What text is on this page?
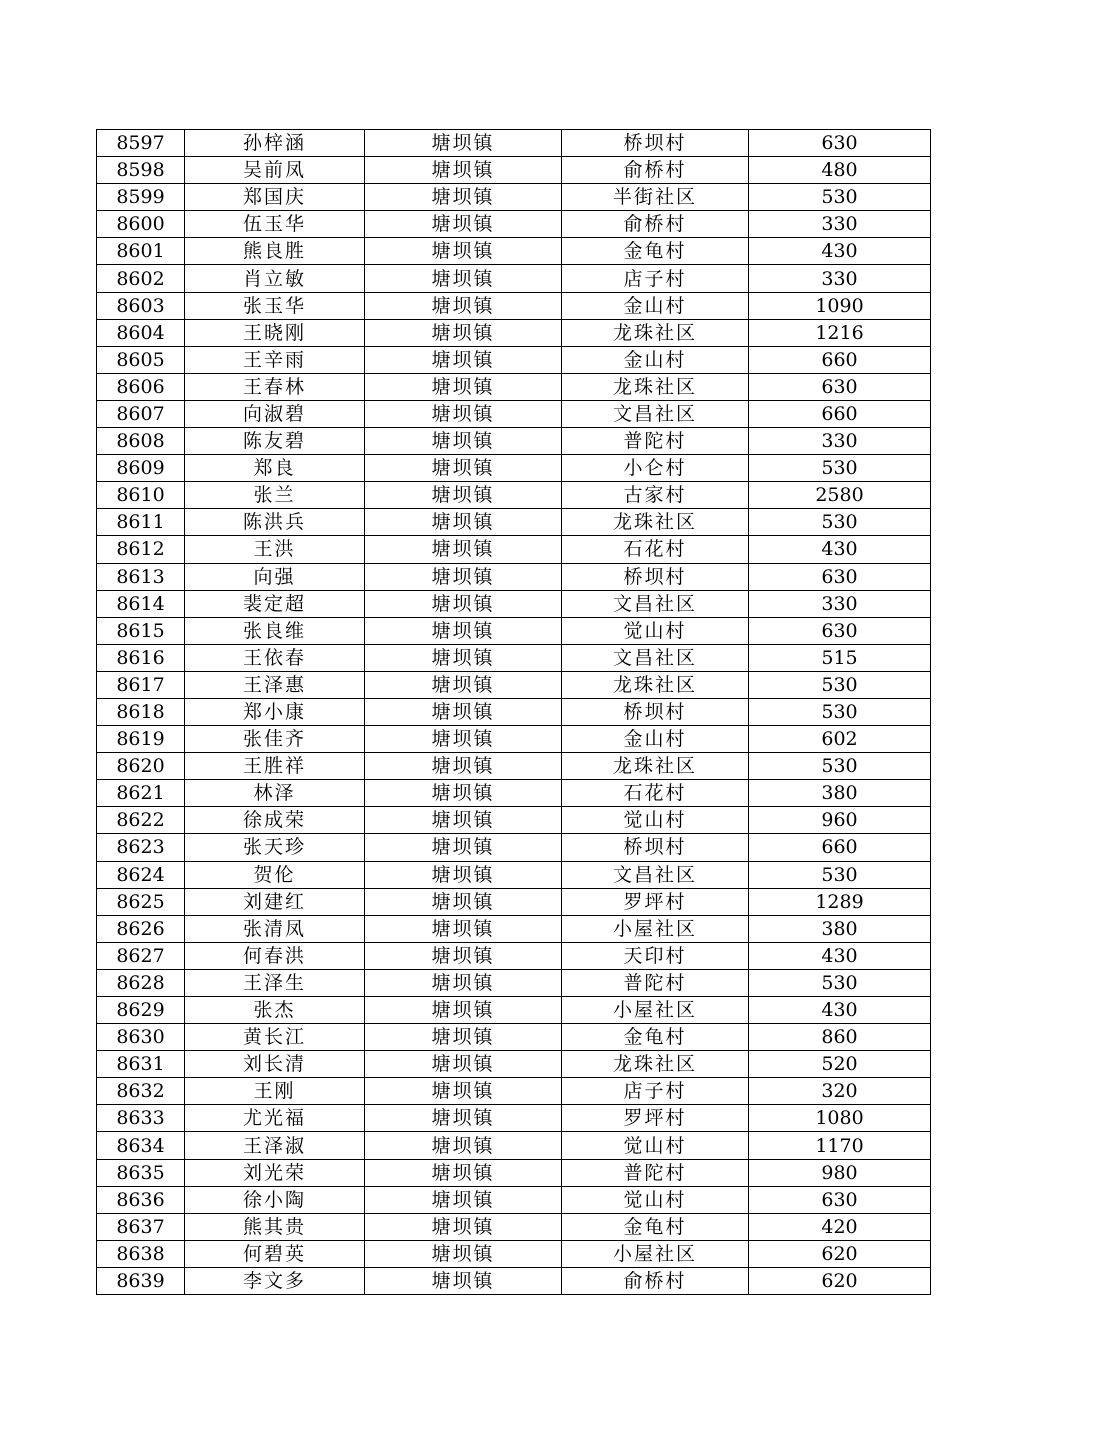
8597	孙梓涵	塘坝镇	桥坝村	630
8598	吴前凤	塘坝镇	俞桥村	480
8599	郑国庆	塘坝镇	半街社区	530
8600	伍玉华	塘坝镇	俞桥村	330
8601	熊良胜	塘坝镇	金龟村	430
8602	肖立敏	塘坝镇	店子村	330
8603	张玉华	塘坝镇	金山村	1090
8604	王晓刚	塘坝镇	龙珠社区	1216
8605	王辛雨	塘坝镇	金山村	660
8606	王春林	塘坝镇	龙珠社区	630
8607	向淑碧	塘坝镇	文昌社区	660
8608	陈友碧	塘坝镇	普陀村	330
8609	郑良	塘坝镇	小仑村	530
8610	张兰	塘坝镇	古家村	2580
8611	陈洪兵	塘坝镇	龙珠社区	530
8612	王洪	塘坝镇	石花村	430
8613	向强	塘坝镇	桥坝村	630
8614	裴定超	塘坝镇	文昌社区	330
8615	张良维	塘坝镇	觉山村	630
8616	王依春	塘坝镇	文昌社区	515
8617	王泽惠	塘坝镇	龙珠社区	530
8618	郑小康	塘坝镇	桥坝村	530
8619	张佳齐	塘坝镇	金山村	602
8620	王胜祥	塘坝镇	龙珠社区	530
8621	林泽	塘坝镇	石花村	380
8622	徐成荣	塘坝镇	觉山村	960
8623	张天珍	塘坝镇	桥坝村	660
8624	贺伦	塘坝镇	文昌社区	530
8625	刘建红	塘坝镇	罗坪村	1289
8626	张清凤	塘坝镇	小屋社区	380
8627	何春洪	塘坝镇	天印村	430
8628	王泽生	塘坝镇	普陀村	530
8629	张杰	塘坝镇	小屋社区	430
8630	黄长江	塘坝镇	金龟村	860
8631	刘长清	塘坝镇	龙珠社区	520
8632	王刚	塘坝镇	店子村	320
8633	尤光福	塘坝镇	罗坪村	1080
8634	王泽淑	塘坝镇	觉山村	1170
8635	刘光荣	塘坝镇	普陀村	980
8636	徐小陶	塘坝镇	觉山村	630
8637	熊其贵	塘坝镇	金龟村	420
8638	何碧英	塘坝镇	小屋社区	620
8639	李文多	塘坝镇	俞桥村	620
